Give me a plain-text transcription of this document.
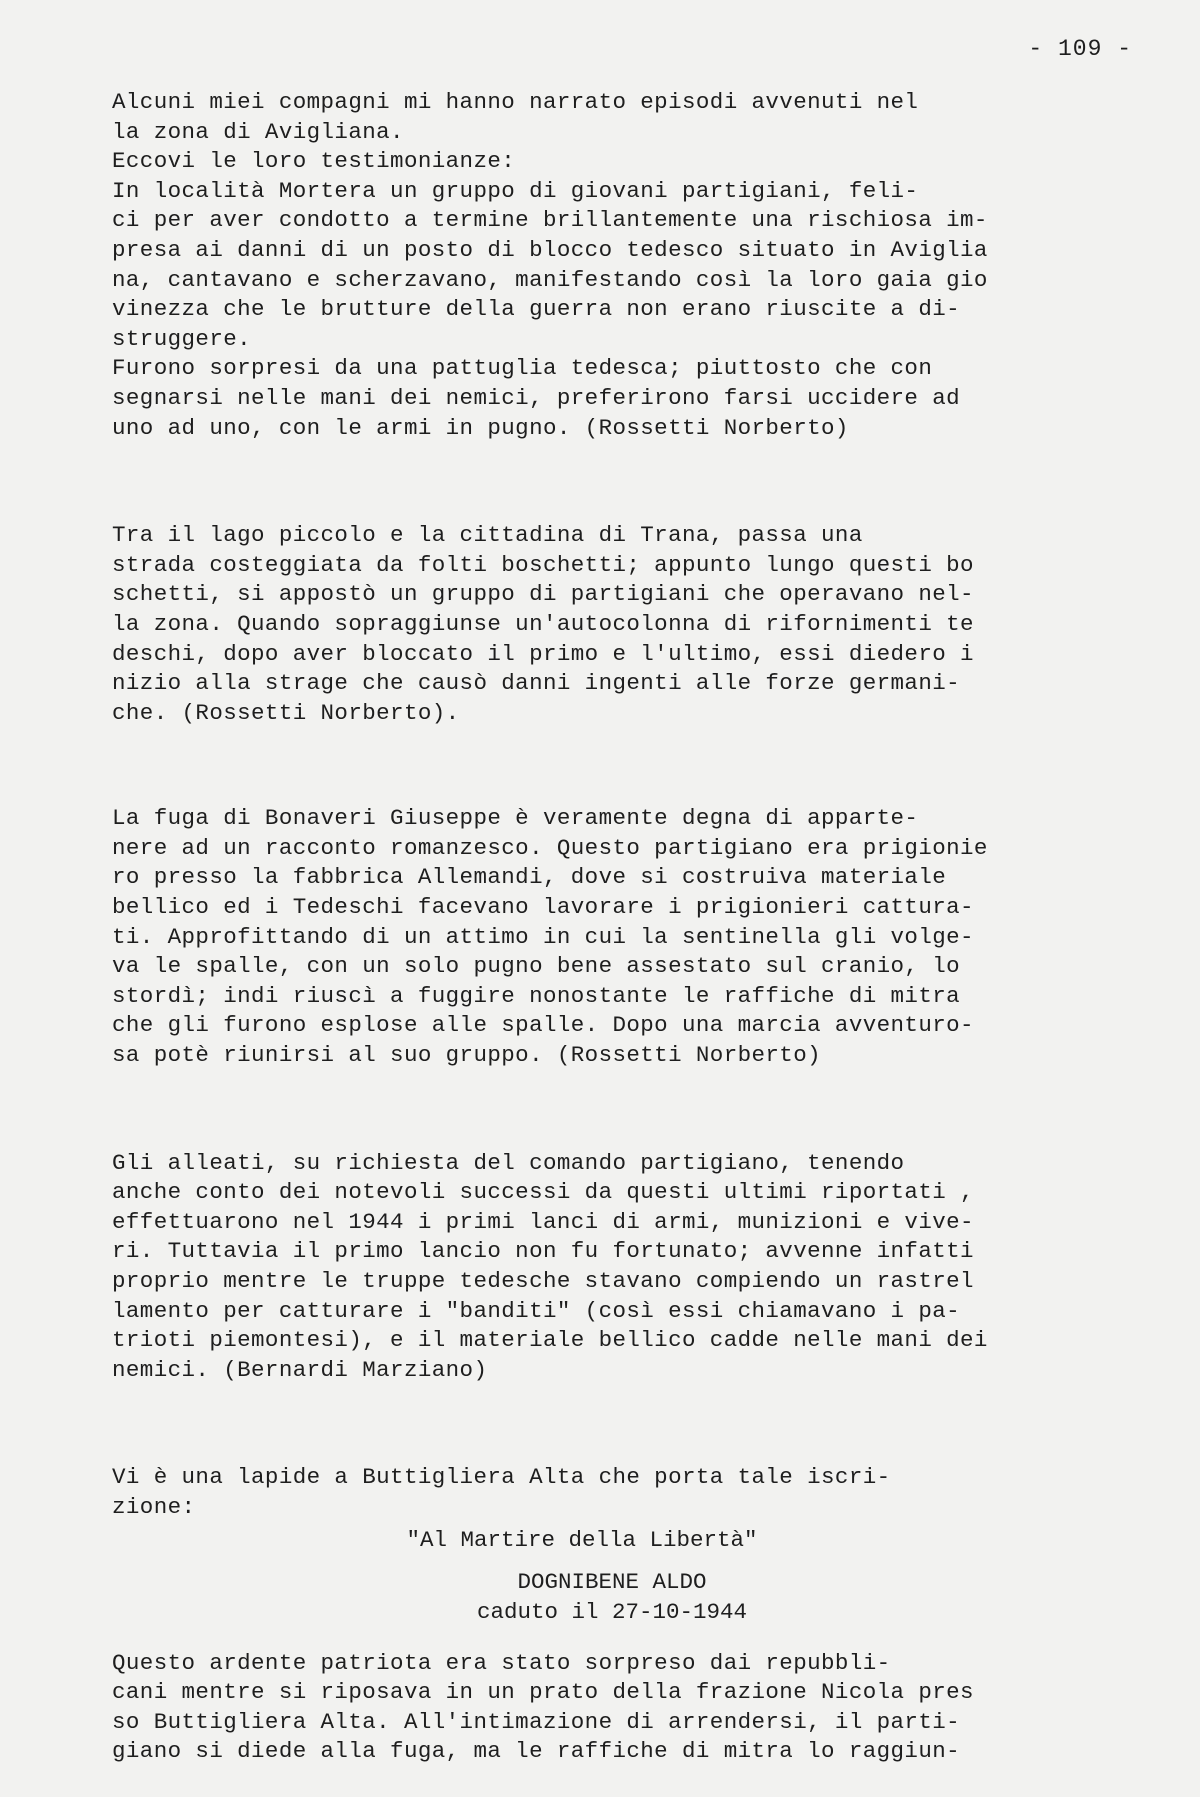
- 109 -

Alcuni miei compagni mi hanno narrato episodi avvenuti nel
la zona di Avigliana.

Eccovi le loro testimonianze:

In località Mortera un gruppo di giovani partigiani, feli-
ci per aver condotto a termine brillantemente una rischiosa im-
presa ai danni di un posto di blocco tedesco situato in Aviglia
na, cantavano e scherzavano, manifestando così la loro gaia gio
vinezza che le brutture della guerra non erano riuscite a di-
struggere.

Furono sorpresi da una pattuglia tedesca; piuttosto che con
segnarsi nelle mani dei nemici, preferirono farsi uccidere ad
uno ad uno, con le armi in pugno. (Rossetti Norberto)

Tra il lago piccolo e la cittadina di Trana, passa una
strada costeggiata da folti boschetti; appunto lungo questi bo
schetti, si appostò un gruppo di partigiani che operavano nel-
la zona. Quando sopraggiunse un'autocolonna di rifornimenti te
deschi, dopo aver bloccato il primo e l'ultimo, essi diedero i
nizio alla strage che causò danni ingenti alle forze germani-
che. (Rossetti Norberto).

La fuga di Bonaveri Giuseppe è veramente degna di apparte-
nere ad un racconto romanzesco. Questo partigiano era prigionie
ro presso la fabbrica Allemandi, dove si costruiva materiale
bellico ed i Tedeschi facevano lavorare i prigionieri cattura-
ti. Approfittando di un attimo in cui la sentinella gli volge-
va le spalle, con un solo pugno bene assestato sul cranio, lo
stordì; indi riuscì a fuggire nonostante le raffiche di mitra
che gli furono esplose alle spalle. Dopo una marcia avventuro-
sa potè riunirsi al suo gruppo. (Rossetti Norberto)

Gli alleati, su richiesta del comando partigiano, tenendo
anche conto dei notevoli successi da questi ultimi riportati ,
effettuarono nel 1944 i primi lanci di armi, munizioni e vive-
ri. Tuttavia il primo lancio non fu fortunato; avvenne infatti
proprio mentre le truppe tedesche stavano compiendo un rastrel
lamento per catturare i "banditi" (così essi chiamavano i pa-
trioti piemontesi), e il materiale bellico cadde nelle mani dei
nemici. (Bernardi Marziano)

Vi è una lapide a Buttigliera Alta che porta tale iscri-
zione:

"Al Martire della Libertà"
DOGNIBENE ALDO
caduto il 27-10-1944

Questo ardente patriota era stato sorpreso dai repubbli-
cani mentre si riposava in un prato della frazione Nicola pres
so Buttigliera Alta. All'intimazione di arrendersi, il parti-
giano si diede alla fuga, ma le raffiche di mitra lo raggiun-
